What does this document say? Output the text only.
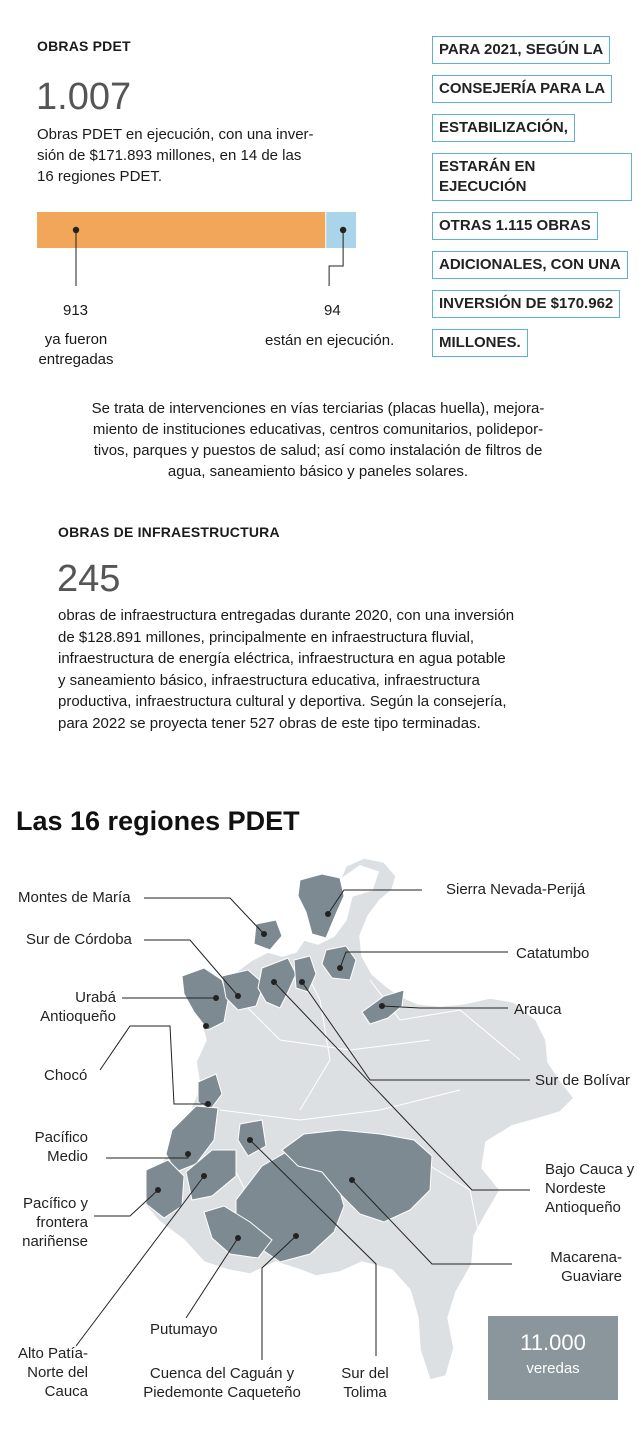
OBRAS PDET
1.007
Obras PDET en ejecución, con una inver-
sión de $171.893 millones, en 14 de las
16 regiones PDET.
913
ya fueron
entregadas
94
están en ejecución.
PARA 2021, SEGÚN LA
CONSEJERÍA PARA LA
ESTABILIZACIÓN,
ESTARÁN EN EJECUCIÓN
OTRAS 1.115 OBRAS
ADICIONALES, CON UNA
INVERSIÓN DE $170.962
MILLONES.
Se trata de intervenciones en vías terciarias (placas huella), mejora-
miento de instituciones educativas, centros comunitarios, polidepor-
tivos, parques y puestos de salud; así como instalación de filtros de
agua, saneamiento básico y paneles solares.
OBRAS DE INFRAESTRUCTURA
245
obras de infraestructura entregadas durante 2020, con una inversión
de $128.891 millones, principalmente en infraestructura fluvial,
infraestructura de energía eléctrica, infraestructura en agua potable
y saneamiento básico, infraestructura educativa, infraestructura
productiva, infraestructura cultural y deportiva. Según la consejería,
para 2022 se proyecta tener 527 obras de este tipo terminadas.
Las 16 regiones PDET
Montes de María
Sur de Córdoba
Urabá
Antioqueño
Chocó
Pacífico
Medio
Pacífico y
frontera
nariñense
Alto Patía-
Norte del
Cauca
Putumayo
Cuenca del Caguán y
Piedemonte Caqueteño
Sur del
Tolima
Sierra Nevada-Perijá
Catatumbo
Arauca
Sur de Bolívar
Bajo Cauca y
Nordeste
Antioqueño
Macarena-
Guaviare
11.000
veredas
